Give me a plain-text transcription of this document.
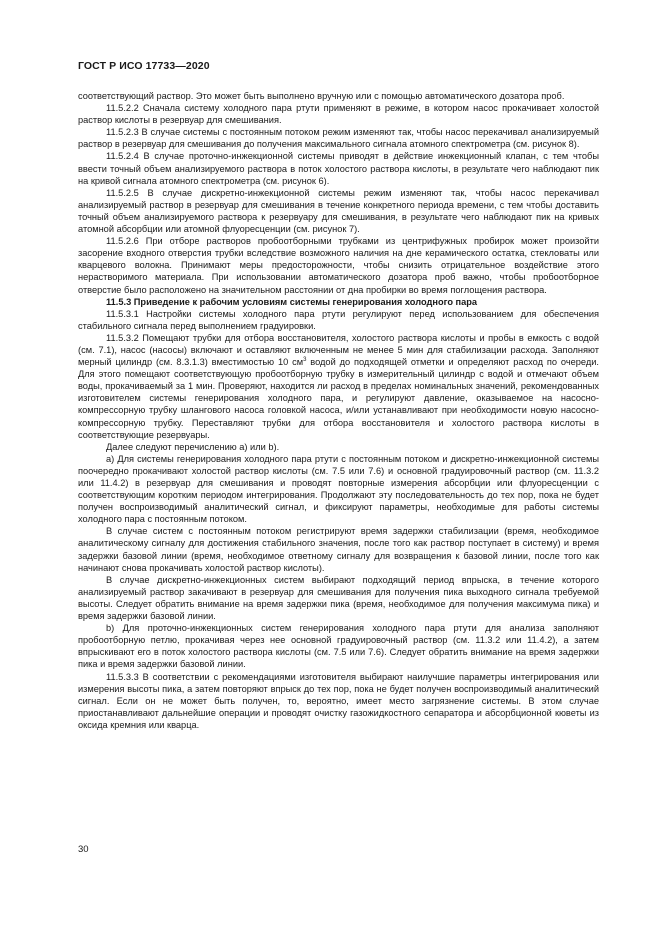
ГОСТ Р ИСО 17733—2020

соответствующий раствор. Это может быть выполнено вручную или с помощью автоматического дозатора проб.

11.5.2.2 Сначала систему холодного пара ртути применяют в режиме, в котором насос прокачивает холостой раствор кислоты в резервуар для смешивания.

11.5.2.3 В случае системы с постоянным потоком режим изменяют так, чтобы насос перекачивал анализируемый раствор в резервуар для смешивания до получения максимального сигнала атомного спектрометра (см. рисунок 8).

11.5.2.4 В случае проточно-инжекционной системы приводят в действие инжекционный клапан, с тем чтобы ввести точный объем анализируемого раствора в поток холостого раствора кислоты, в результате чего наблюдают пик на кривой сигнала атомного спектрометра (см. рисунок 6).

11.5.2.5 В случае дискретно-инжекционной системы режим изменяют так, чтобы насос перекачивал анализируемый раствор в резервуар для смешивания в течение конкретного периода времени, с тем чтобы доставить точный объем анализируемого раствора к резервуару для смешивания, в результате чего наблюдают пик на кривых атомной абсорбции или атомной флуоресценции (см. рисунок 7).

11.5.2.6 При отборе растворов пробоотборными трубками из центрифужных пробирок может произойти засорение входного отверстия трубки вследствие возможного наличия на дне керамического остатка, стекловаты или кварцевого волокна. Принимают меры предосторожности, чтобы снизить отрицательное воздействие этого нерастворимого материала. При использовании автоматического дозатора проб важно, чтобы пробоотборное отверстие было расположено на значительном расстоянии от дна пробирки во время поглощения раствора.

11.5.3 Приведение к рабочим условиям системы генерирования холодного пара

11.5.3.1 Настройки системы холодного пара ртути регулируют перед использованием для обеспечения стабильного сигнала перед выполнением градуировки.

11.5.3.2 Помещают трубки для отбора восстановителя, холостого раствора кислоты и пробы в емкость с водой (см. 7.1), насос (насосы) включают и оставляют включенным не менее 5 мин для стабилизации расхода. Заполняют мерный цилиндр (см. 8.3.1.3) вместимостью 10 $см^3$ водой до подходящей отметки и определяют расход по очереди. Для этого помещают соответствующую пробоотборную трубку в измерительный цилиндр с водой и отмечают объем воды, прокачиваемый за 1 мин. Проверяют, находится ли расход в пределах номинальных значений, рекомендованных изготовителем системы генерирования холодного пара, и регулируют давление, оказываемое на насосно-компрессорную трубку шлангового насоса головкой насоса, и/или устанавливают при необходимости новую насосно-компрессорную трубку. Переставляют трубки для отбора восстановителя и холостого раствора кислоты в соответствующие резервуары.

Далее следуют перечислению а) или b).

а) Для системы генерирования холодного пара ртути с постоянным потоком и дискретно-инжекционной системы поочередно прокачивают холостой раствор кислоты (см. 7.5 или 7.6) и основной градуировочный раствор (см. 11.3.2 или 11.4.2) в резервуар для смешивания и проводят повторные измерения абсорбции или флуоресценции с соответствующим коротким периодом интегрирования. Продолжают эту последовательность до тех пор, пока не будет получен воспроизводимый аналитический сигнал, и фиксируют параметры, необходимые для работы системы холодного пара с постоянным потоком.

В случае систем с постоянным потоком регистрируют время задержки стабилизации (время, необходимое аналитическому сигналу для достижения стабильного значения, после того как раствор поступает в систему) и время задержки базовой линии (время, необходимое ответному сигналу для возвращения к базовой линии, после того как начинают снова прокачивать холостой раствор кислоты).

В случае дискретно-инжекционных систем выбирают подходящий период впрыска, в течение которого анализируемый раствор закачивают в резервуар для смешивания для получения пика выходного сигнала требуемой высоты. Следует обратить внимание на время задержки пика (время, необходимое для получения максимума пика) и время задержки базовой линии.

b) Для проточно-инжекционных систем генерирования холодного пара ртути для анализа заполняют пробоотборную петлю, прокачивая через нее основной градуировочный раствор (см. 11.3.2 или 11.4.2), а затем впрыскивают его в поток холостого раствора кислоты (см. 7.5 или 7.6). Следует обратить внимание на время задержки пика и время задержки базовой линии.

11.5.3.3 В соответствии с рекомендациями изготовителя выбирают наилучшие параметры интегрирования или измерения высоты пика, а затем повторяют впрыск до тех пор, пока не будет получен воспроизводимый аналитический сигнал. Если он не может быть получен, то, вероятно, имеет место загрязнение системы. В этом случае приостанавливают дальнейшие операции и проводят очистку газожидкостного сепаратора и абсорбционной кюветы из оксида кремния или кварца.

30
